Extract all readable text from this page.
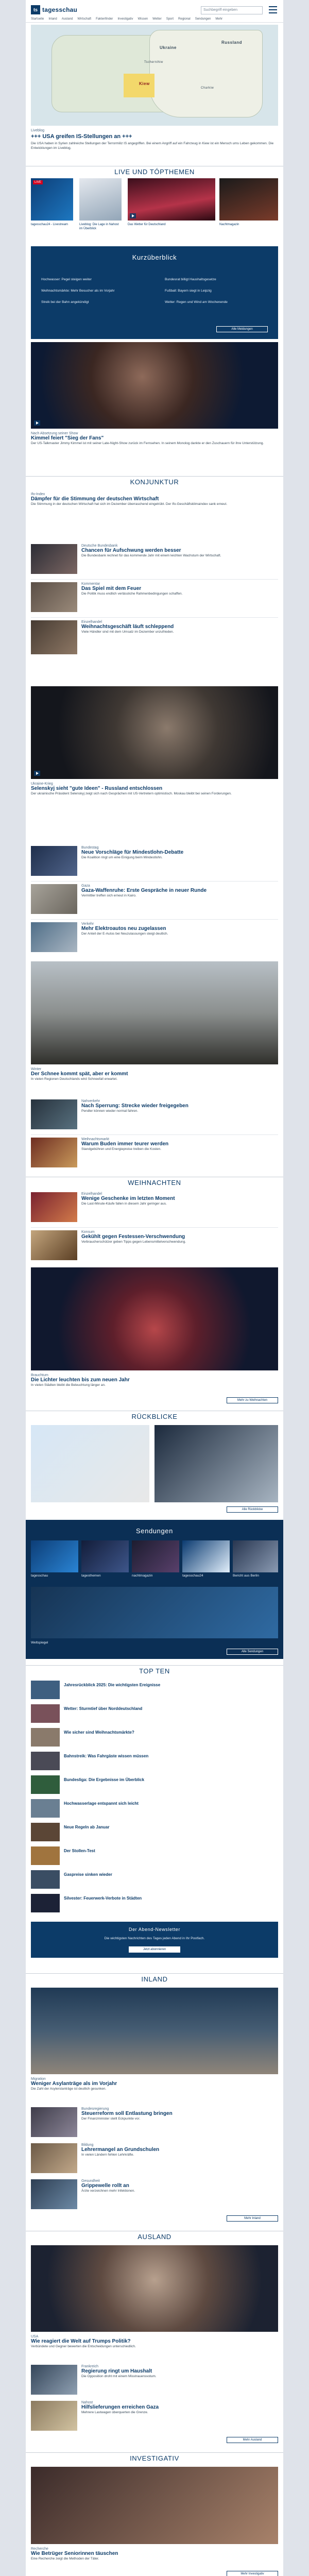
ts tagesschau	Suchbegriff eingeben
Startseite Inland Ausland Wirtschaft Faktenfinder Investigativ Wissen Wetter Sport Regional Sendungen Mehr
Ukraine
Kiew
Tschernihiw
Russland
Charkiw
Liveblog
+++ USA greifen IS-Stellungen an +++
Die USA haben in Syrien zahlreiche Stellungen der Terrormiliz IS angegriffen. Bei einem Angriff auf ein Fahrzeug in Kiew ist ein Mensch ums Leben gekommen. Die Entwicklungen im Liveblog.
LIVE UND TÓPTHEMEN
LIVE
tagesschau24 - Livestream	Liveblog: Die Lage in Nahost im Überblick
Das Wetter für Deutschland	Nachtmagazin
Kurzüberblick
Hochwasser: Pegel steigen weiter	Bundesrat billigt Haushaltsgesetze
Weihnachtsmärkte: Mehr Besucher als im Vorjahr	Fußball: Bayern siegt in Leipzig
Streik bei der Bahn angekündigt	Wetter: Regen und Wind am Wochenende
Alle Meldungen
Nach Absetzung seiner Show
Kimmel feiert "Sieg der Fans"
Der US-Talkmaster Jimmy Kimmel ist mit seiner Late-Night-Show zurück im Fernsehen. In seinem Monolog dankte er den Zuschauern für ihre Unterstützung.
KONJUNKTUR
Ifo-Index
Dämpfer für die Stimmung der deutschen Wirtschaft
Die Stimmung in der deutschen Wirtschaft hat sich im Dezember überraschend eingetrübt. Der Ifo-Geschäftsklimaindex sank erneut.
Deutsche Bundesbank
Chancen für Aufschwung werden besser
Die Bundesbank rechnet für das kommende Jahr mit einem leichten Wachstum der Wirtschaft.
Kommentar
Das Spiel mit dem Feuer
Die Politik muss endlich verlässliche Rahmenbedingungen schaffen.
Einzelhandel
Weihnachtsgeschäft läuft schleppend
Viele Händler sind mit dem Umsatz im Dezember unzufrieden.
Ukraine-Krieg
Selenskyj sieht "gute Ideen" - Russland entschlossen
Der ukrainische Präsident Selenskyj zeigt sich nach Gesprächen mit US-Vertretern optimistisch. Moskau bleibt bei seinen Forderungen.
Bundestag
Neue Vorschläge für Mindestlohn-Debatte
Die Koalition ringt um eine Einigung beim Mindestlohn.
Gaza
Gaza-Waffenruhe: Erste Gespräche in neuer Runde
Vermittler treffen sich erneut in Kairo.
Verkehr
Mehr Elektroautos neu zugelassen
Der Anteil der E-Autos bei Neuzulassungen steigt deutlich.
Winter
Der Schnee kommt spät, aber er kommt
In vielen Regionen Deutschlands wird Schneefall erwartet.
Nahverkehr
Nach Sperrung: Strecke wieder freigegeben
Pendler können wieder normal fahren.
Weihnachtsmarkt
Warum Buden immer teurer werden
Standgebühren und Energiepreise treiben die Kosten.
WEIHNACHTEN
Einzelhandel
Wenige Geschenke im letzten Moment
Die Last-Minute-Käufe fallen in diesem Jahr geringer aus.
Konsum
Gekühlt gegen Festessen-Verschwendung
Verbraucherschützer geben Tipps gegen Lebensmittelverschwendung.
Brauchtum
Die Lichter leuchten bis zum neuen Jahr
In vielen Städten bleibt die Beleuchtung länger an.
Mehr zu Weihnachten
RÜCKBLICKE
Alle Rückblicke
Sendungen
tagesschau	tagesthemen	nachtmagazin	tagesschau24	Bericht aus Berlin
Weltspiegel
Alle Sendungen
TOP TEN
Jahresrückblick 2025: Die wichtigsten Ereignisse
Wetter: Sturmtief über Norddeutschland
Wie sicher sind Weihnachtsmärkte?
Bahnstreik: Was Fahrgäste wissen müssen
Bundesliga: Die Ergebnisse im Überblick
Hochwasserlage entspannt sich leicht
Neue Regeln ab Januar
Der Stollen-Test
Gaspreise sinken wieder
Silvester: Feuerwerk-Verbote in Städten
Der Abend-Newsletter
Die wichtigsten Nachrichten des Tages jeden Abend in Ihr Postfach.
Jetzt abonnieren
INLAND
Migration
Weniger Asylanträge als im Vorjahr
Die Zahl der Asylerstanträge ist deutlich gesunken.
Bundesregierung
Steuerreform soll Entlastung bringen
Der Finanzminister stellt Eckpunkte vor.
Bildung
Lehrermangel an Grundschulen
In vielen Ländern fehlen Lehrkräfte.
Gesundheit
Grippewelle rollt an
Ärzte verzeichnen mehr Infektionen.
Mehr Inland
AUSLAND
USA
Wie reagiert die Welt auf Trumps Politik?
Verbündete und Gegner bewerten die Entscheidungen unterschiedlich.
Frankreich
Regierung ringt um Haushalt
Die Opposition droht mit einem Misstrauensvotum.
Nahost
Hilfslieferungen erreichen Gaza
Mehrere Lastwagen überquerten die Grenze.
Mehr Ausland
INVESTIGATIV
Recherche
Wie Betrüger Seniorinnen täuschen
Eine Recherche zeigt die Methoden der Täter.
Mehr Investigativ
